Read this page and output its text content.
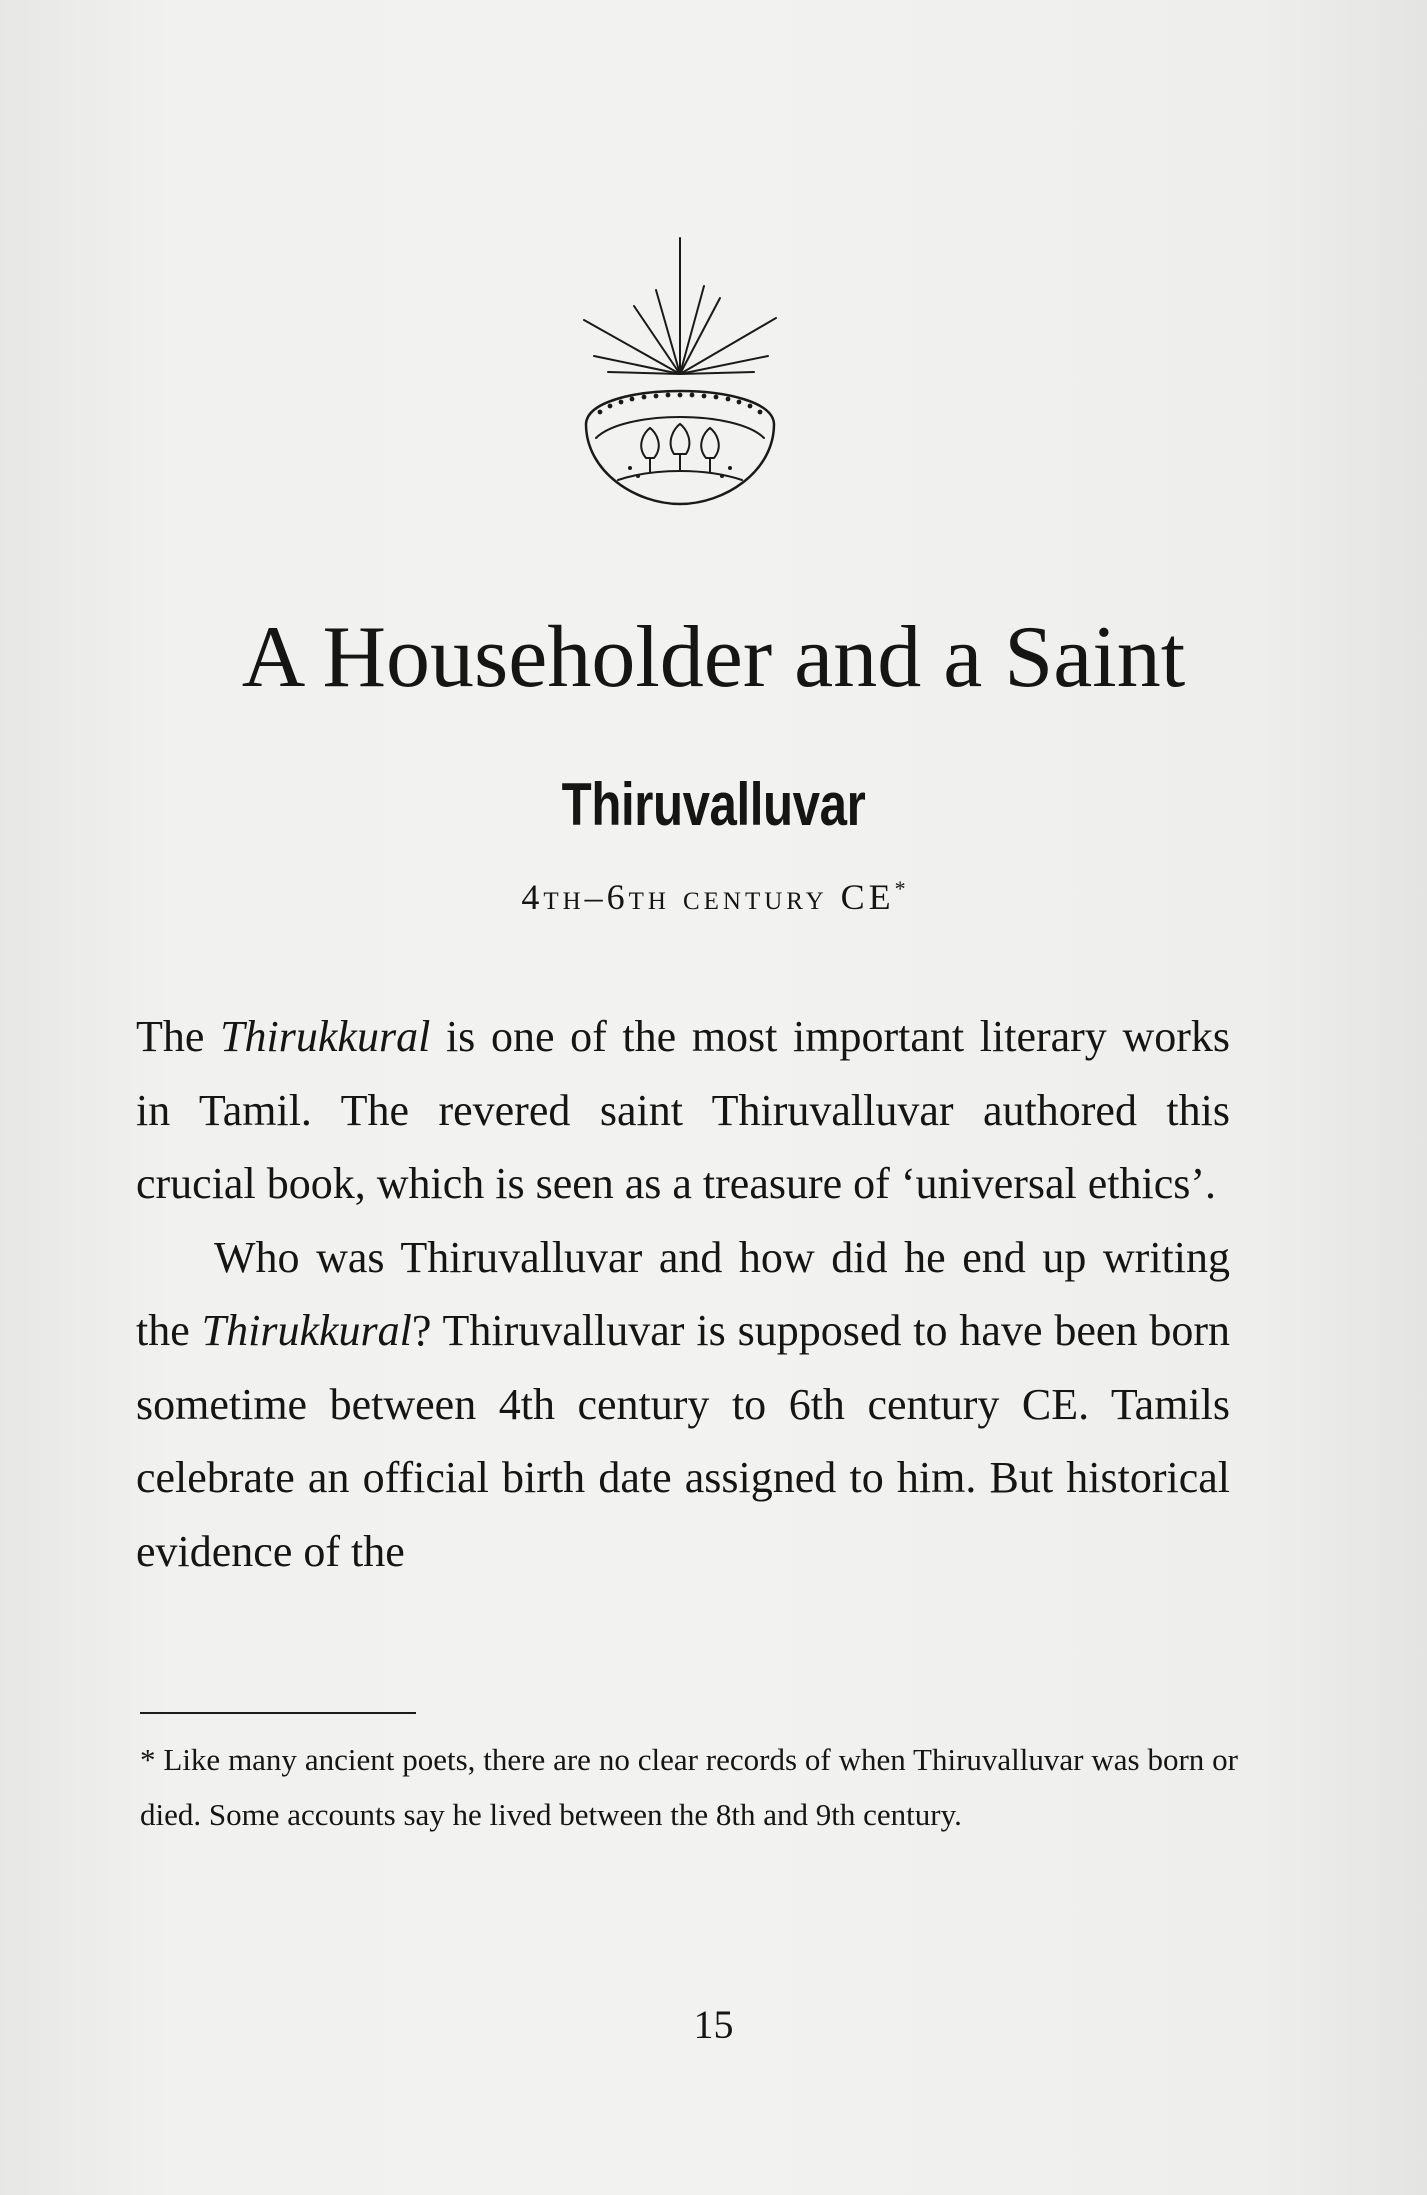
A Householder and a Saint
Thiruvalluvar
4th–6th century CE*

The Thirukkural is one of the most important literary works in Tamil. The revered saint Thiruvalluvar authored this crucial book, which is seen as a treasure of ‘universal ethics’.

Who was Thiruvalluvar and how did he end up writing the Thirukkural? Thiruvalluvar is supposed to have been born sometime between 4th century to 6th century CE. Tamils celebrate an official birth date assigned to him. But historical evidence of the

* Like many ancient poets, there are no clear records of when Thiruvalluvar was born or died. Some accounts say he lived between the 8th and 9th century.
15
